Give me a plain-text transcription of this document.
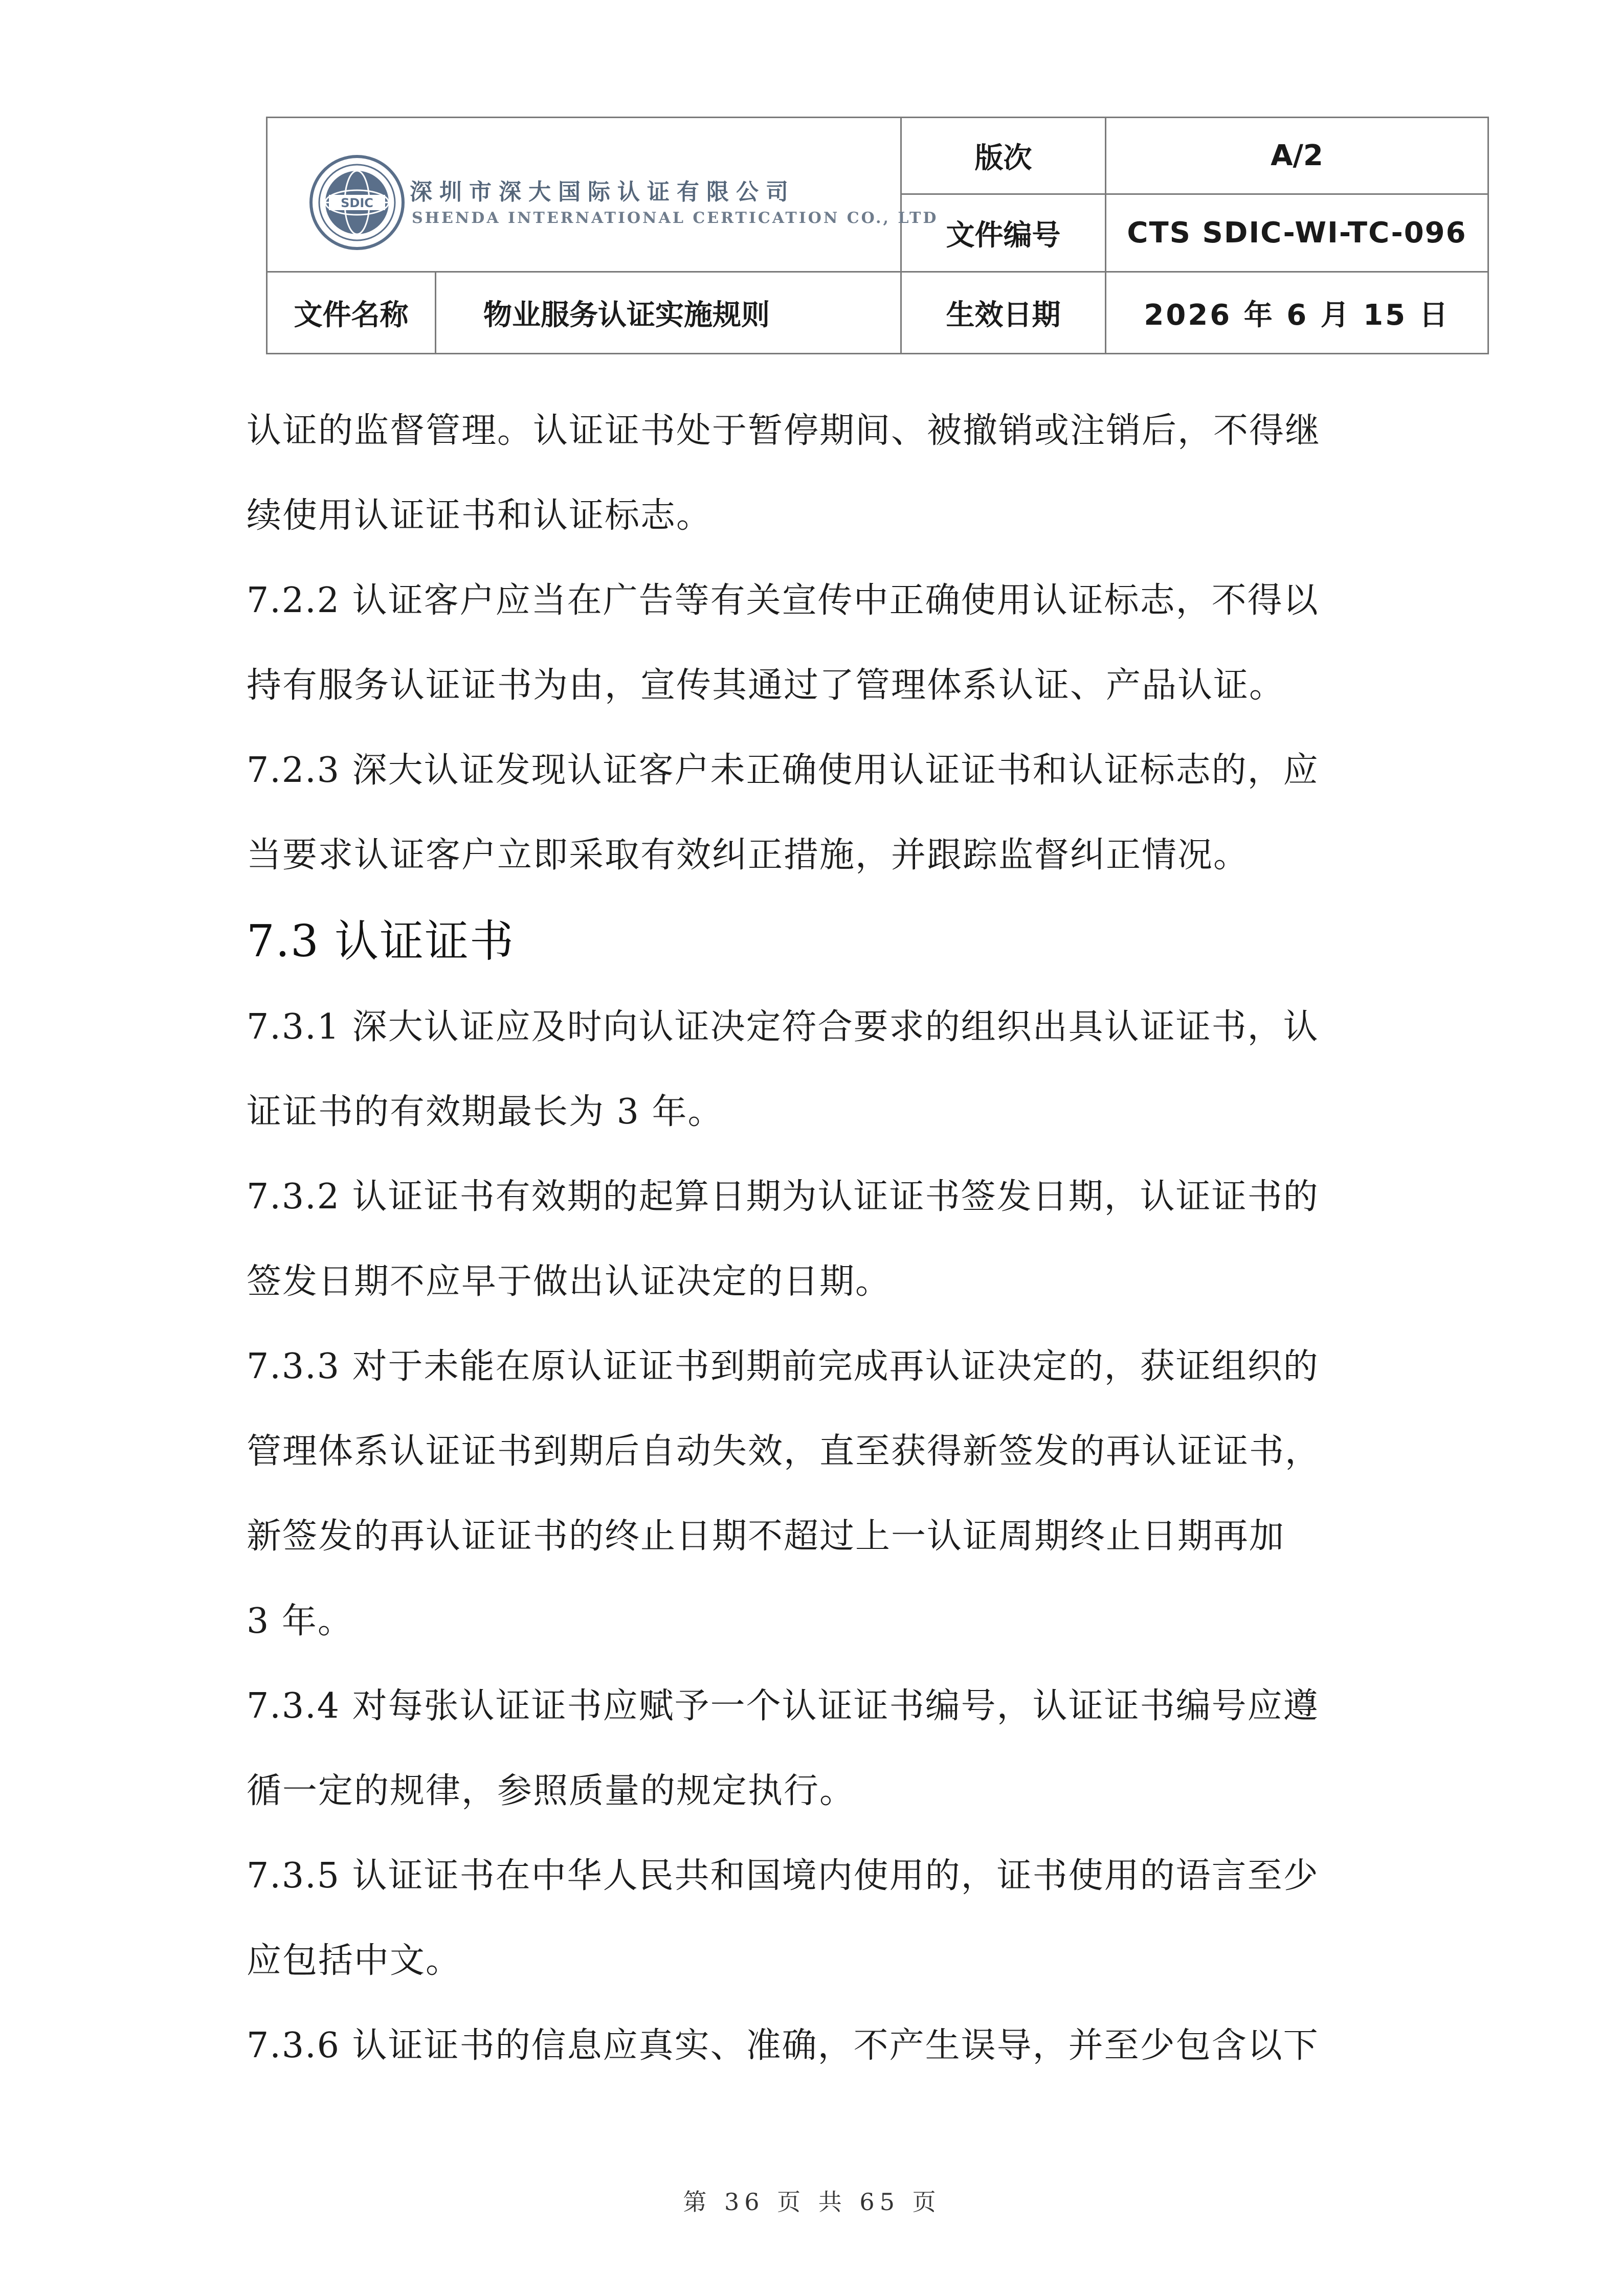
SDIC 深圳市深大国际认证有限公司
SHENDA INTERNATIONAL CERTICATION CO., LTD		版次	A/2
		文件编号	CTS SDIC-WI-TC-096
文件名称	物业服务认证实施规则	生效日期	2026 年 6 月 15 日

认证的监督管理。认证证书处于暂停期间、被撤销或注销后，不得继

续使用认证证书和认证标志。

7.2.2 认证客户应当在广告等有关宣传中正确使用认证标志，不得以

持有服务认证证书为由，宣传其通过了管理体系认证、产品认证。

7.2.3 深大认证发现认证客户未正确使用认证证书和认证标志的，应

当要求认证客户立即采取有效纠正措施，并跟踪监督纠正情况。

7.3 认证证书

7.3.1 深大认证应及时向认证决定符合要求的组织出具认证证书，认

证证书的有效期最长为 3 年。

7.3.2 认证证书有效期的起算日期为认证证书签发日期，认证证书的

签发日期不应早于做出认证决定的日期。

7.3.3 对于未能在原认证证书到期前完成再认证决定的，获证组织的

管理体系认证证书到期后自动失效，直至获得新签发的再认证证书，

新签发的再认证证书的终止日期不超过上一认证周期终止日期再加

3 年。

7.3.4 对每张认证证书应赋予一个认证证书编号，认证证书编号应遵

循一定的规律，参照质量的规定执行。

7.3.5 认证证书在中华人民共和国境内使用的，证书使用的语言至少

应包括中文。

7.3.6 认证证书的信息应真实、准确，不产生误导，并至少包含以下

第 36 页 共 65 页
